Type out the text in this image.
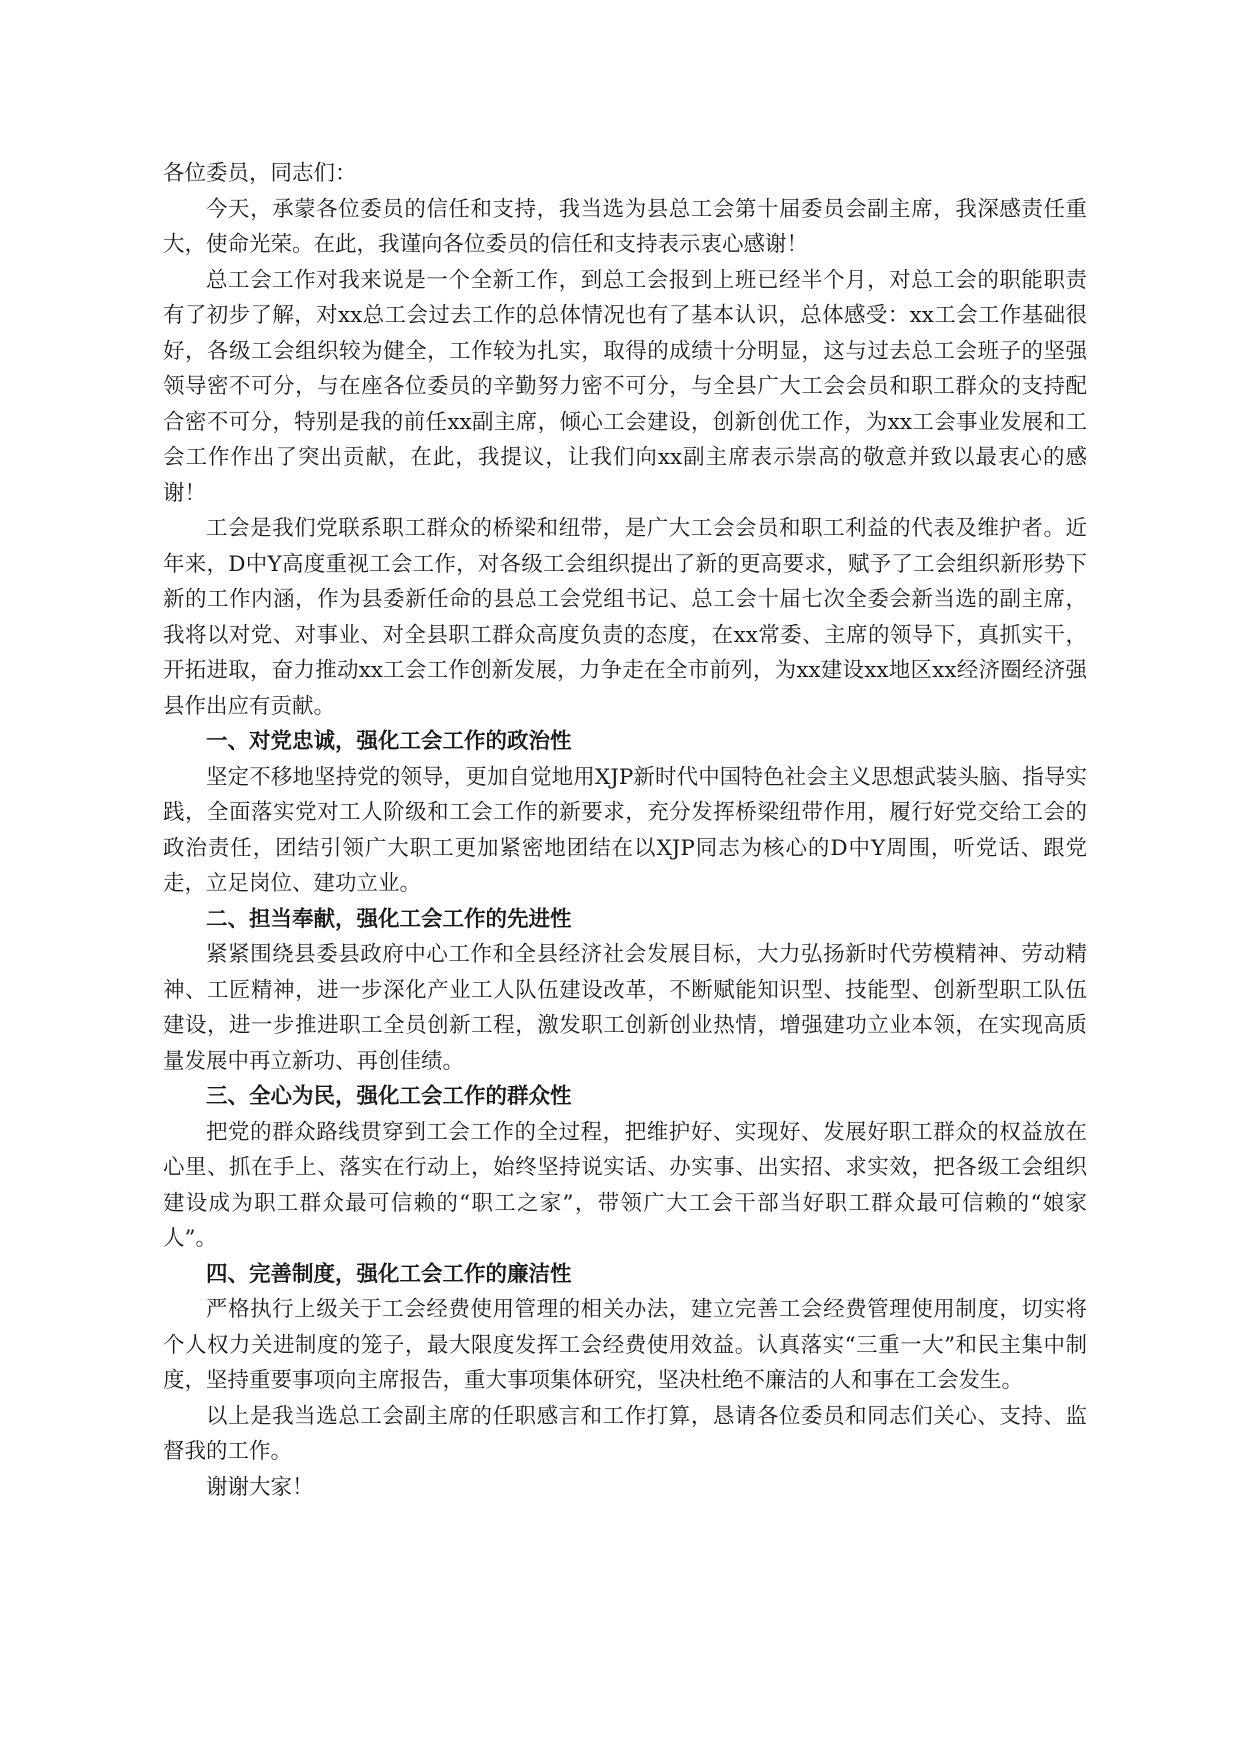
各位委员，同志们：

今天，承蒙各位委员的信任和支持，我当选为县总工会第十届委员会副主席，我深感责任重大，使命光荣。在此，我谨向各位委员的信任和支持表示衷心感谢！

总工会工作对我来说是一个全新工作，到总工会报到上班已经半个月，对总工会的职能职责有了初步了解，对xx总工会过去工作的总体情况也有了基本认识，总体感受：xx工会工作基础很好，各级工会组织较为健全，工作较为扎实，取得的成绩十分明显，这与过去总工会班子的坚强领导密不可分，与在座各位委员的辛勤努力密不可分，与全县广大工会会员和职工群众的支持配合密不可分，特别是我的前任xx副主席，倾心工会建设，创新创优工作，为xx工会事业发展和工会工作作出了突出贡献，在此，我提议，让我们向xx副主席表示崇高的敬意并致以最衷心的感谢！

工会是我们党联系职工群众的桥梁和纽带，是广大工会会员和职工利益的代表及维护者。近年来，D中Y高度重视工会工作，对各级工会组织提出了新的更高要求，赋予了工会组织新形势下新的工作内涵，作为县委新任命的县总工会党组书记、总工会十届七次全委会新当选的副主席，我将以对党、对事业、对全县职工群众高度负责的态度，在xx常委、主席的领导下，真抓实干，开拓进取，奋力推动xx工会工作创新发展，力争走在全市前列，为xx建设xx地区xx经济圈经济强县作出应有贡献。

一、对党忠诚，强化工会工作的政治性

坚定不移地坚持党的领导，更加自觉地用XJP新时代中国特色社会主义思想武装头脑、指导实践，全面落实党对工人阶级和工会工作的新要求，充分发挥桥梁纽带作用，履行好党交给工会的政治责任，团结引领广大职工更加紧密地团结在以XJP同志为核心的D中Y周围，听党话、跟党走，立足岗位、建功立业。

二、担当奉献，强化工会工作的先进性

紧紧围绕县委县政府中心工作和全县经济社会发展目标，大力弘扬新时代劳模精神、劳动精神、工匠精神，进一步深化产业工人队伍建设改革，不断赋能知识型、技能型、创新型职工队伍建设，进一步推进职工全员创新工程，激发职工创新创业热情，增强建功立业本领，在实现高质量发展中再立新功、再创佳绩。

三、全心为民，强化工会工作的群众性

把党的群众路线贯穿到工会工作的全过程，把维护好、实现好、发展好职工群众的权益放在心里、抓在手上、落实在行动上，始终坚持说实话、办实事、出实招、求实效，把各级工会组织建设成为职工群众最可信赖的“职工之家”，带领广大工会干部当好职工群众最可信赖的“娘家人”。

四、完善制度，强化工会工作的廉洁性

严格执行上级关于工会经费使用管理的相关办法，建立完善工会经费管理使用制度，切实将个人权力关进制度的笼子，最大限度发挥工会经费使用效益。认真落实“三重一大”和民主集中制度，坚持重要事项向主席报告，重大事项集体研究，坚决杜绝不廉洁的人和事在工会发生。

以上是我当选总工会副主席的任职感言和工作打算，恳请各位委员和同志们关心、支持、监督我的工作。

谢谢大家！
